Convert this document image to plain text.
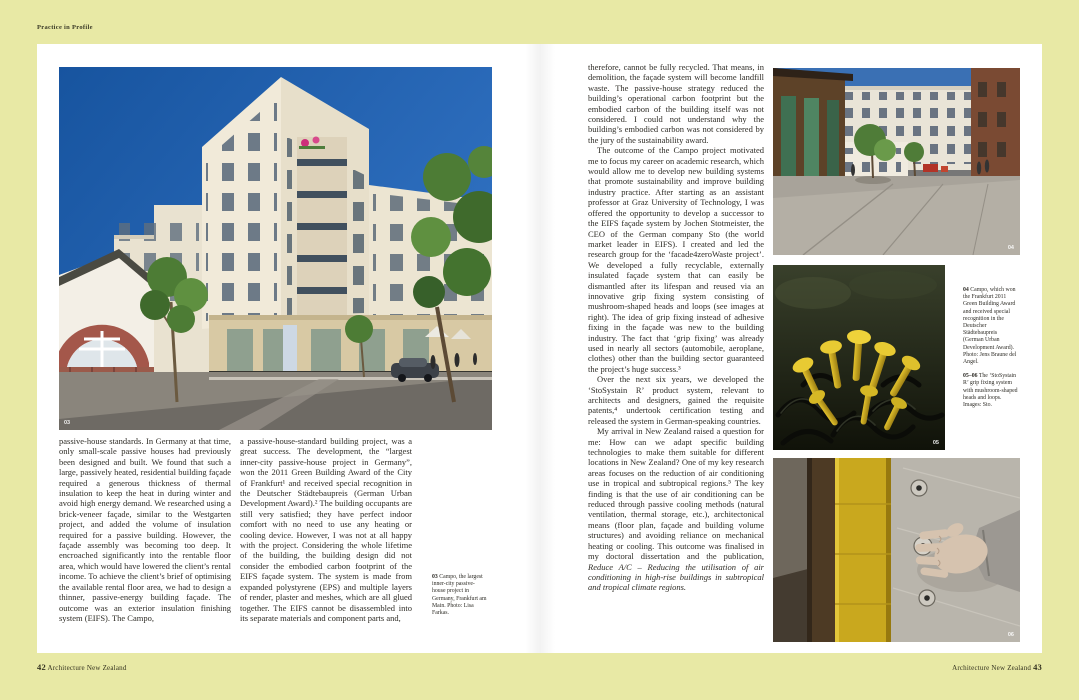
Practice in Profile
03

passive-house standards. In Germany at that time, only small-scale passive houses had previously been designed and built. We found that such a large, passively heated, residential building façade required a generous thickness of thermal insulation to keep the heat in during winter and avoid high energy demand. We researched using a brick-veneer façade, similar to the Westgarten project, and added the volume of insulation required for a passive building. However, the façade assembly was becoming too deep. It encroached significantly into the rentable floor area, which would have lowered the client’s rental income. To achieve the client’s brief of optimising the available rental floor area, we had to design a thinner, passive-energy building façade. The outcome was an exterior insulation finishing system (EIFS). The Campo,

a passive-house-standard building project, was a great success. The development, the “largest inner-city passive-house project in Germany”, won the 2011 Green Building Award of the City of Frankfurt¹ and received special recognition in the Deutscher Städtebaupreis (German Urban Development Award).² The building occupants are still very satisfied; they have perfect indoor comfort with no need to use any heating or cooling device. However, I was not at all happy with the project. Considering the whole lifetime of the building, the building design did not consider the embodied carbon footprint of the EIFS façade system. The system is made from expanded polystyrene (EPS) and multiple layers of render, plaster and meshes, which are all glued together. The EIFS cannot be disassembled into its separate materials and component parts and,

03 Campo, the largest inner-city passive-house project in Germany, Frankfurt am Main. Photo: Lisa Farkas.

therefore, cannot be fully recycled. That means, in demolition, the façade system will become landfill waste. The passive-house strategy reduced the building’s operational carbon footprint but the embodied carbon of the building itself was not considered. I could not understand why the building’s embodied carbon was not considered by the jury of the sustainability award.

The outcome of the Campo project motivated me to focus my career on academic research, which would allow me to develop new building systems that promote sustainability and improve building industry practice. After starting as an assistant professor at Graz University of Technology, I was offered the opportunity to develop a successor to the EIFS façade system by Jochen Stotmeister, the CEO of the German company Sto (the world market leader in EIFS). I created and led the research group for the ‘facade4zeroWaste project’. We developed a fully recyclable, externally insulated façade system that can easily be dismantled after its lifespan and reused via an innovative grip fixing system consisting of mushroom-shaped heads and loops (see images at right). The idea of grip fixing instead of adhesive fixing in the façade was new to the building industry. The fact that ‘grip fixing’ was already used in nearly all sectors (automobile, aeroplane, clothes) other than the building sector guaranteed the project’s huge success.³

Over the next six years, we developed the ‘StoSystain R’ product system, relevant to architects and designers, gained the requisite patents,⁴ undertook certification testing and released the system in German-speaking countries.

My arrival in New Zealand raised a question for me: How can we adapt specific building technologies to make them suitable for different locations in New Zealand? One of my key research areas focuses on the reduction of air conditioning use in tropical and subtropical regions.⁵ The key finding is that the use of air conditioning can be reduced through passive cooling methods (natural ventilation, thermal storage, etc.), architectonical means (floor plan, façade and building volume structures) and avoiding reliance on mechanical heating or cooling. This outcome was finalised in my doctoral dissertation and the publication, Reduce A/C – Reducing the utilisation of air conditioning in high-rise buildings in subtropical and tropical climate regions.

04
05
04 Campo, which won the Frankfurt 2011 Green Building Award and received special recognition in the Deutscher Städtebaupreis (German Urban Development Award). Photo: Jens Braune del Angel.
05–06 The ‘StoSystain R’ grip fixing system with mushroom-shaped heads and loops. Images: Sto.
06
42 Architecture New Zealand	Architecture New Zealand 43
